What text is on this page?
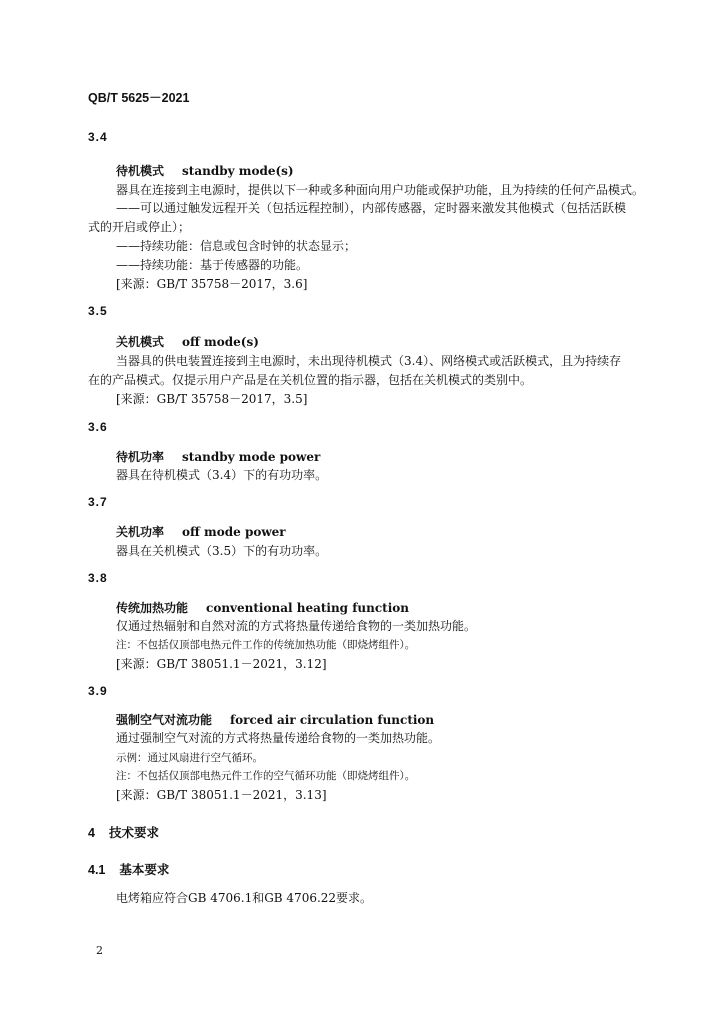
QB/T 5625－2021
3.4
待机模式 standby mode(s)
器具在连接到主电源时，提供以下一种或多种面向用户功能或保护功能，且为持续的任何产品模式。
——可以通过触发远程开关（包括远程控制），内部传感器，定时器来激发其他模式（包括活跃模
式的开启或停止）；
——持续功能：信息或包含时钟的状态显示；
——持续功能：基于传感器的功能。
[来源：GB/T 35758－2017，3.6]
3.5
关机模式 off mode(s)
当器具的供电装置连接到主电源时，未出现待机模式（3.4）、网络模式或活跃模式，且为持续存
在的产品模式。仅提示用户产品是在关机位置的指示器，包括在关机模式的类别中。
[来源：GB/T 35758－2017，3.5]
3.6
待机功率 standby mode power
器具在待机模式（3.4）下的有功功率。
3.7
关机功率 off mode power
器具在关机模式（3.5）下的有功功率。
3.8
传统加热功能 conventional heating function
仅通过热辐射和自然对流的方式将热量传递给食物的一类加热功能。
注：不包括仅顶部电热元件工作的传统加热功能（即烧烤组件）。
[来源：GB/T 38051.1－2021，3.12]
3.9
强制空气对流功能 forced air circulation function
通过强制空气对流的方式将热量传递给食物的一类加热功能。
示例：通过风扇进行空气循环。
注：不包括仅顶部电热元件工作的空气循环功能（即烧烤组件）。
[来源：GB/T 38051.1－2021，3.13]
4 技术要求
4.1 基本要求
电烤箱应符合GB 4706.1和GB 4706.22要求。
2
